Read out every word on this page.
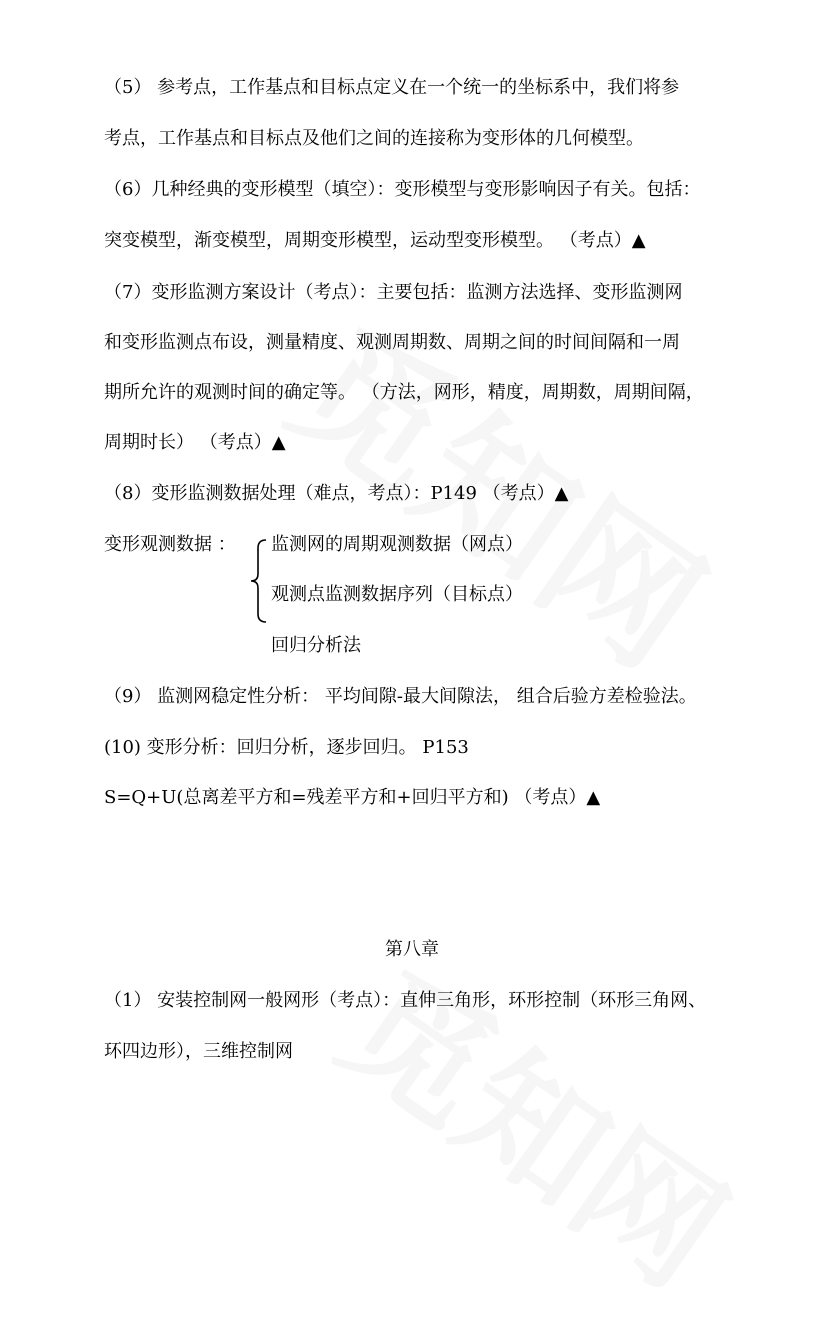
（5） 参考点，工作基点和目标点定义在一个统一的坐标系中，我们将参
考点，工作基点和目标点及他们之间的连接称为变形体的几何模型。
（6）几种经典的变形模型（填空）：变形模型与变形影响因子有关。包括：
突变模型，渐变模型，周期变形模型，运动型变形模型。 （考点）▲
（7）变形监测方案设计（考点）：主要包括：监测方法选择、变形监测网
和变形监测点布设，测量精度、观测周期数、周期之间的时间间隔和一周
期所允许的观测时间的确定等。 （方法，网形，精度，周期数，周期间隔，
周期时长） （考点）▲
（8）变形监测数据处理（难点，考点）：P149 （考点）▲
变形观测数据 ： 监测网的周期观测数据（网点）
观测点监测数据序列（目标点）
回归分析法
（9） 监测网稳定性分析： 平均间隙-最大间隙法， 组合后验方差检验法。
(10) 变形分析：回归分析，逐步回归。 P153
S=Q+U(总离差平方和=残差平方和+回归平方和) （考点）▲
第八章
（1） 安装控制网一般网形（考点）：直伸三角形，环形控制（环形三角网、
环四边形），三维控制网
